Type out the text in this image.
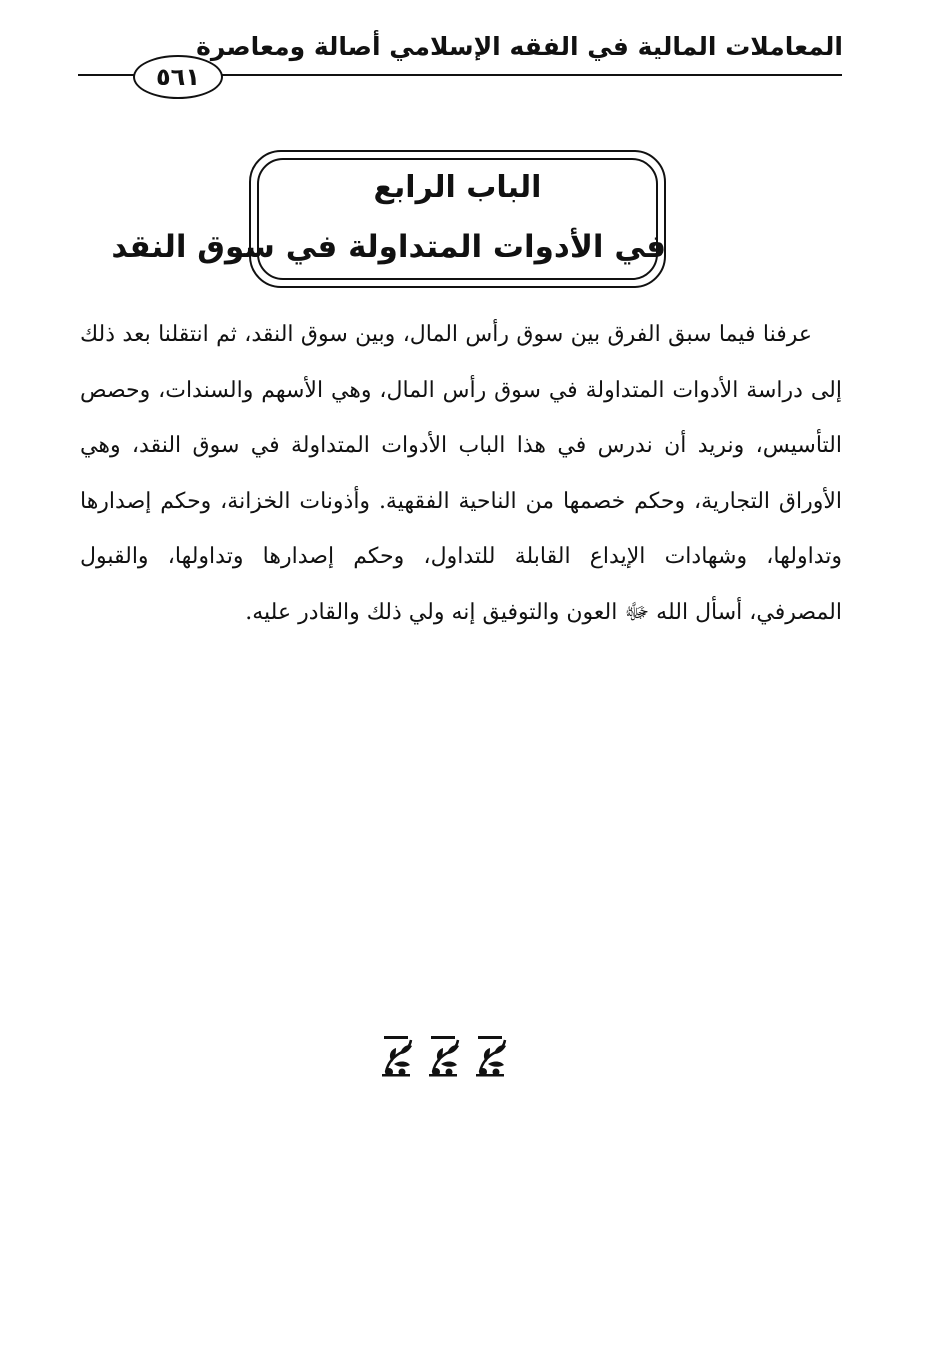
المعاملات المالية في الفقه الإسلامي أصالة ومعاصرة
٥٦١
الباب الرابع
في الأدوات المتداولة في سوق النقد

عرفنا فيما سبق الفرق بين سوق رأس المال، وبين سوق النقد، ثم انتقلنا بعد ذلك إلى دراسة الأدوات المتداولة في سوق رأس المال، وهي الأسهم والسندات، وحصص التأسيس، ونريد أن ندرس في هذا الباب الأدوات المتداولة في سوق النقد، وهي الأوراق التجارية، وحكم خصمها من الناحية الفقهية. وأذونات الخزانة، وحكم إصدارها وتداولها، وشهادات الإيداع القابلة للتداول، وحكم إصدارها وتداولها، والقبول المصرفي، أسأل الله ﷻ العون والتوفيق إنه ولي ذلك والقادر عليه.
